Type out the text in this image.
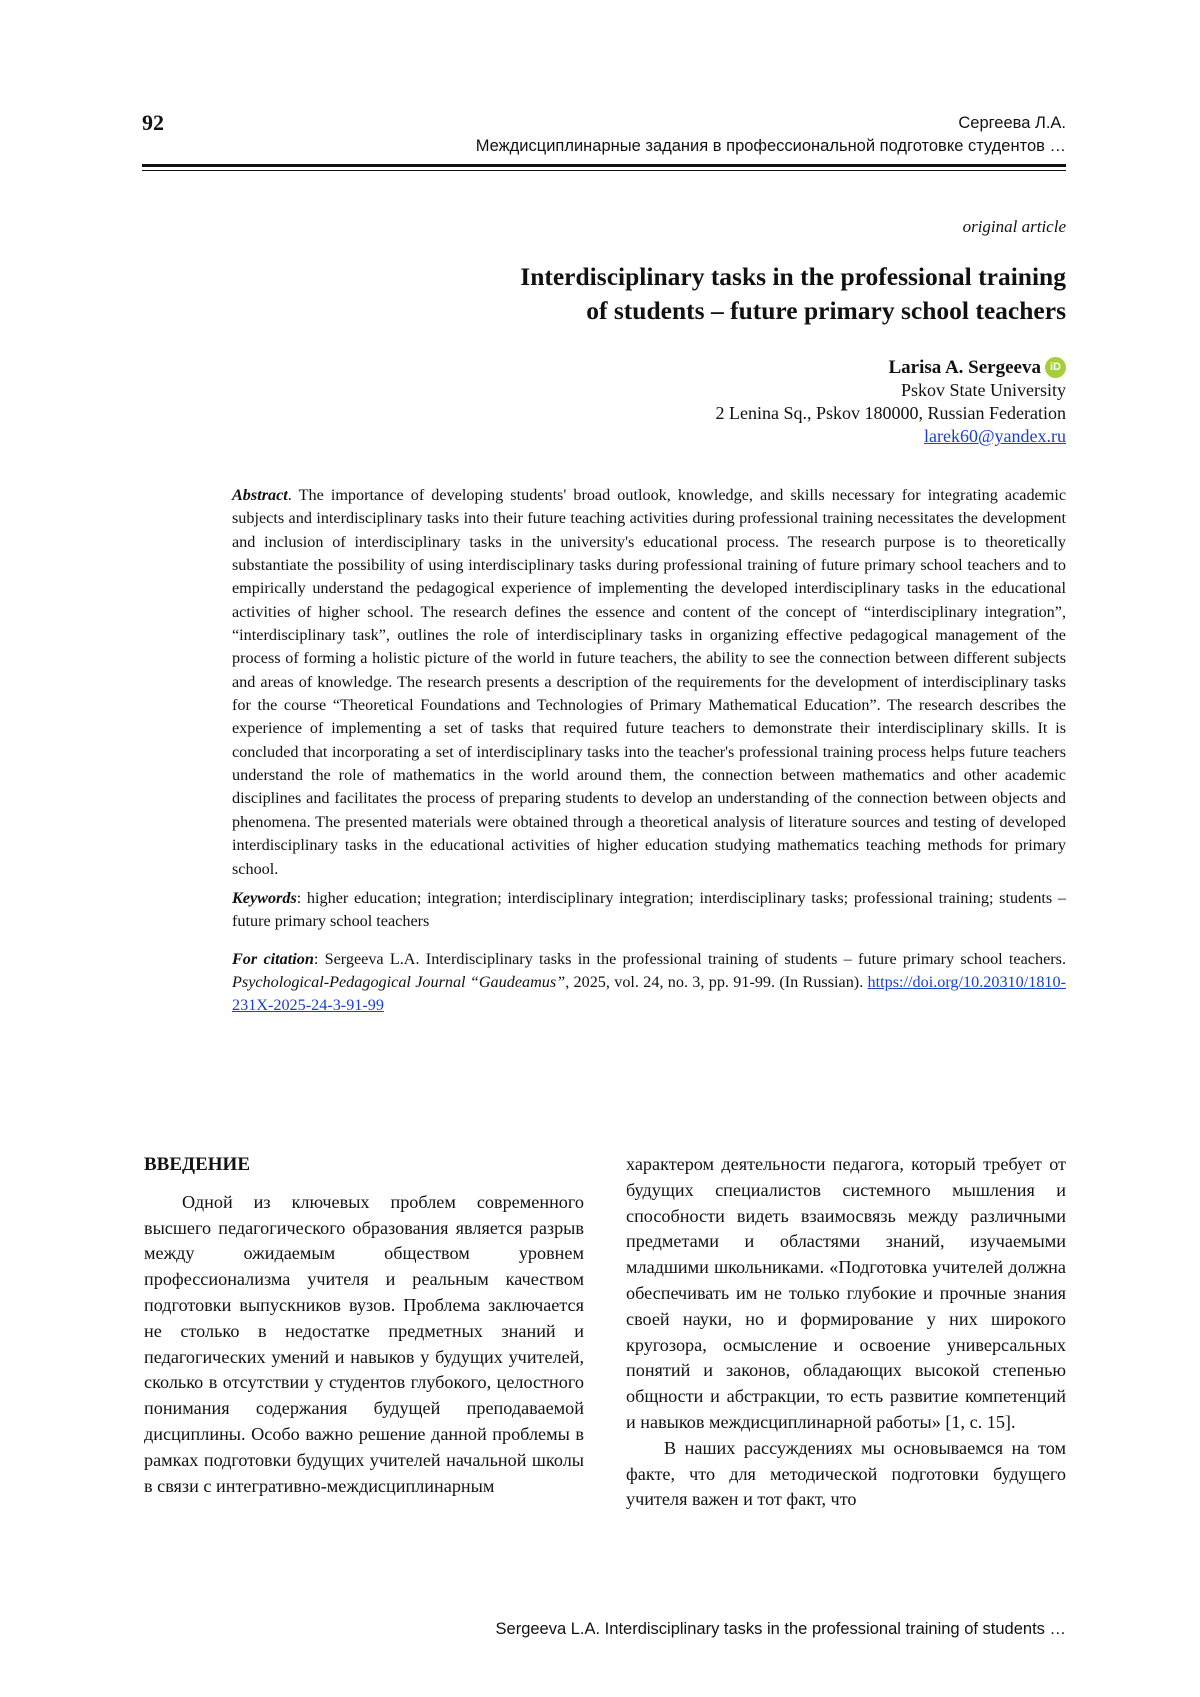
92	Сергеева Л.А.
Междисциплинарные задания в профессиональной подготовке студентов …
original article
Interdisciplinary tasks in the professional training
of students – future primary school teachers
Larisa A. Sergeeva iD
Pskov State University
2 Lenina Sq., Pskov 180000, Russian Federation
larek60@yandex.ru

Abstract. The importance of developing students' broad outlook, knowledge, and skills necessary for integrating academic subjects and interdisciplinary tasks into their future teaching activities during professional training necessitates the development and inclusion of interdisciplinary tasks in the university's educational process. The research purpose is to theoretically substantiate the possibility of using interdisciplinary tasks during professional training of future primary school teachers and to empirically understand the pedagogical experience of implementing the developed interdisciplinary tasks in the educational activities of higher school. The research defines the essence and content of the concept of “interdisciplinary integration”, “interdisciplinary task”, outlines the role of interdisciplinary tasks in organizing effective pedagogical management of the process of forming a holistic picture of the world in future teachers, the ability to see the connection between different subjects and areas of knowledge. The research presents a description of the requirements for the development of interdisciplinary tasks for the course “Theoretical Foundations and Technologies of Primary Mathematical Education”. The research describes the experience of implementing a set of tasks that required future teachers to demonstrate their interdisciplinary skills. It is concluded that incorporating a set of interdisciplinary tasks into the teacher's professional training process helps future teachers understand the role of mathematics in the world around them, the connection between mathematics and other academic disciplines and facilitates the process of preparing students to develop an understanding of the connection between objects and phenomena. The presented materials were obtained through a theoretical analysis of literature sources and testing of developed interdisciplinary tasks in the educational activities of higher education studying mathematics teaching methods for primary school.

Keywords: higher education; integration; interdisciplinary integration; interdisciplinary tasks; professional training; students – future primary school teachers

For citation: Sergeeva L.A. Interdisciplinary tasks in the professional training of students – future primary school teachers. Psychological-Pedagogical Journal “Gaudeamus”, 2025, vol. 24, no. 3, pp. 91-99. (In Russian). https://doi.org/10.20310/1810-231X-2025-24-3-91-99

ВВЕДЕНИЕ

Одной из ключевых проблем современного высшего педагогического образования является разрыв между ожидаемым обществом уровнем профессионализма учителя и реальным качеством подготовки выпускников вузов. Проблема заключается не столько в недостатке предметных знаний и педагогических умений и навыков у будущих учителей, сколько в отсутствии у студентов глубокого, целостного понимания содержания будущей преподаваемой дисциплины. Особо важно решение данной проблемы в рамках подготовки будущих учителей начальной школы в связи с интегративно-междисциплинарным

характером деятельности педагога, который требует от будущих специалистов системного мышления и способности видеть взаимосвязь между различными предметами и областями знаний, изучаемыми младшими школьниками. «Подготовка учителей должна обеспечивать им не только глубокие и прочные знания своей науки, но и формирование у них широкого кругозора, осмысление и освоение универсальных понятий и законов, обладающих высокой степенью общности и абстракции, то есть развитие компетенций и навыков междисциплинарной работы» [1, с. 15].

В наших рассуждениях мы основываемся на том факте, что для методической подготовки будущего учителя важен и тот факт, что

Sergeeva L.A. Interdisciplinary tasks in the professional training of students …
